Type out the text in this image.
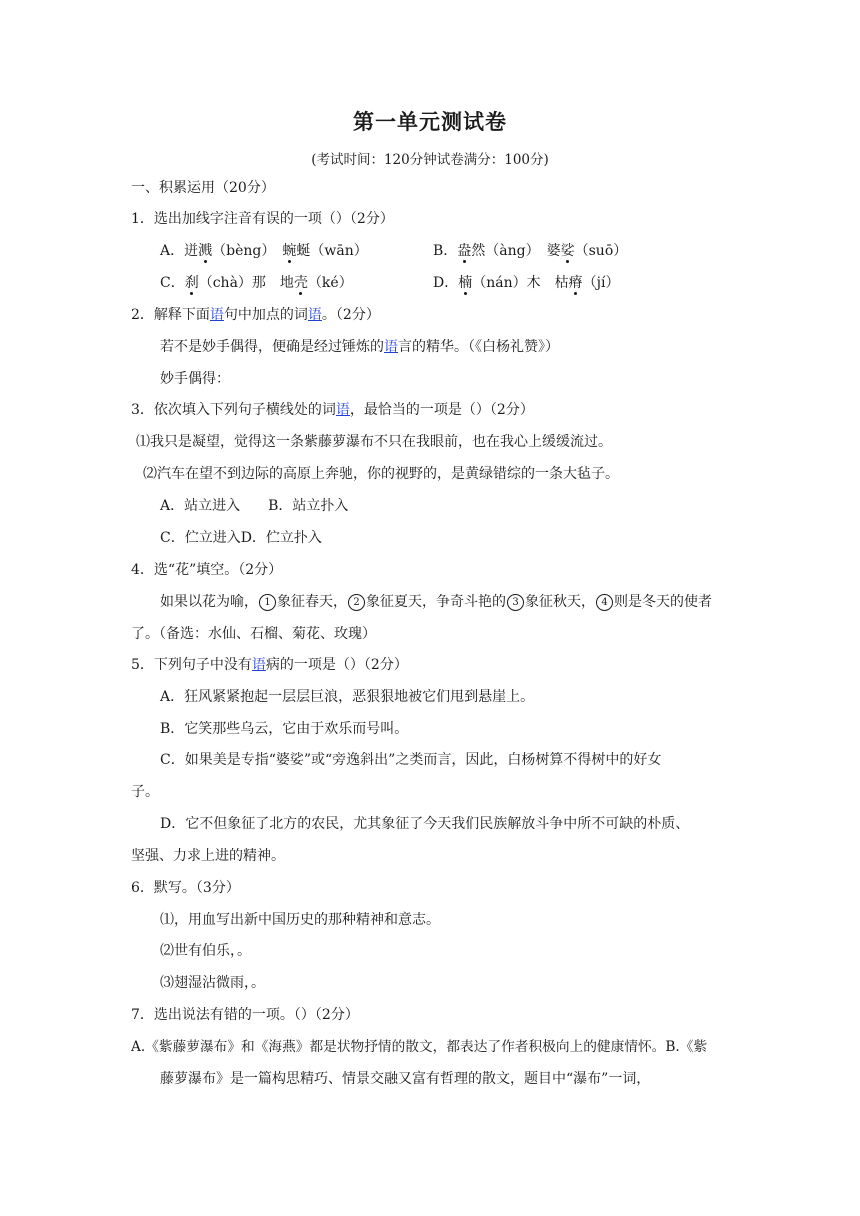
第一单元测试卷
(考试时间：120分钟试卷满分：100分)
一、积累运用（20分）
1．选出加线字注音有误的一项（）（2分）
A．迸溅（bèng）　蜿蜒（wān）	B．盎然（àng）　婆娑（suō）
C．刹（chà）那　地壳（ké）	D．楠（nán）木　枯瘠（jí）
2．解释下面语句中加点的词语。（2分）
若不是妙手偶得，便确是经过锤炼的语言的精华。（《白杨礼赞》）
妙手偶得：
3．依次填入下列句子横线处的词语，最恰当的一项是（）（2分）
⑴我只是凝望，觉得这一条紫藤萝瀑布不只在我眼前，也在我心上缓缓流过。
⑵汽车在望不到边际的高原上奔驰，你的视野的，是黄绿错综的一条大毡子。
A．站立进入　　B．站立扑入
C．伫立进入D．伫立扑入
4．选“花”填空。（2分）
如果以花为喻， 1 象征春天， 2 象征夏天，争奇斗艳的 3 象征秋天， 4 则是冬天的使者
了。（备选：水仙、石榴、菊花、玫瑰）
5．下列句子中没有语病的一项是（）（2分）
A．狂风紧紧抱起一层层巨浪，恶狠狠地被它们甩到悬崖上。
B．它笑那些乌云，它由于欢乐而号叫。
C．如果美是专指“婆娑”或“旁逸斜出”之类而言，因此，白杨树算不得树中的好女
子。
D．它不但象征了北方的农民，尤其象征了今天我们民族解放斗争中所不可缺的朴质、
坚强、力求上进的精神。
6．默写。（3分）
⑴，用血写出新中国历史的那种精神和意志。
⑵世有伯乐，。
⑶翅湿沾微雨，。
7．选出说法有错的一项。（）（2分）
A.《紫藤萝瀑布》和《海燕》都是状物抒情的散文，都表达了作者积极向上的健康情怀。B.《紫
藤萝瀑布》是一篇构思精巧、情景交融又富有哲理的散文，题目中“瀑布”一词，
